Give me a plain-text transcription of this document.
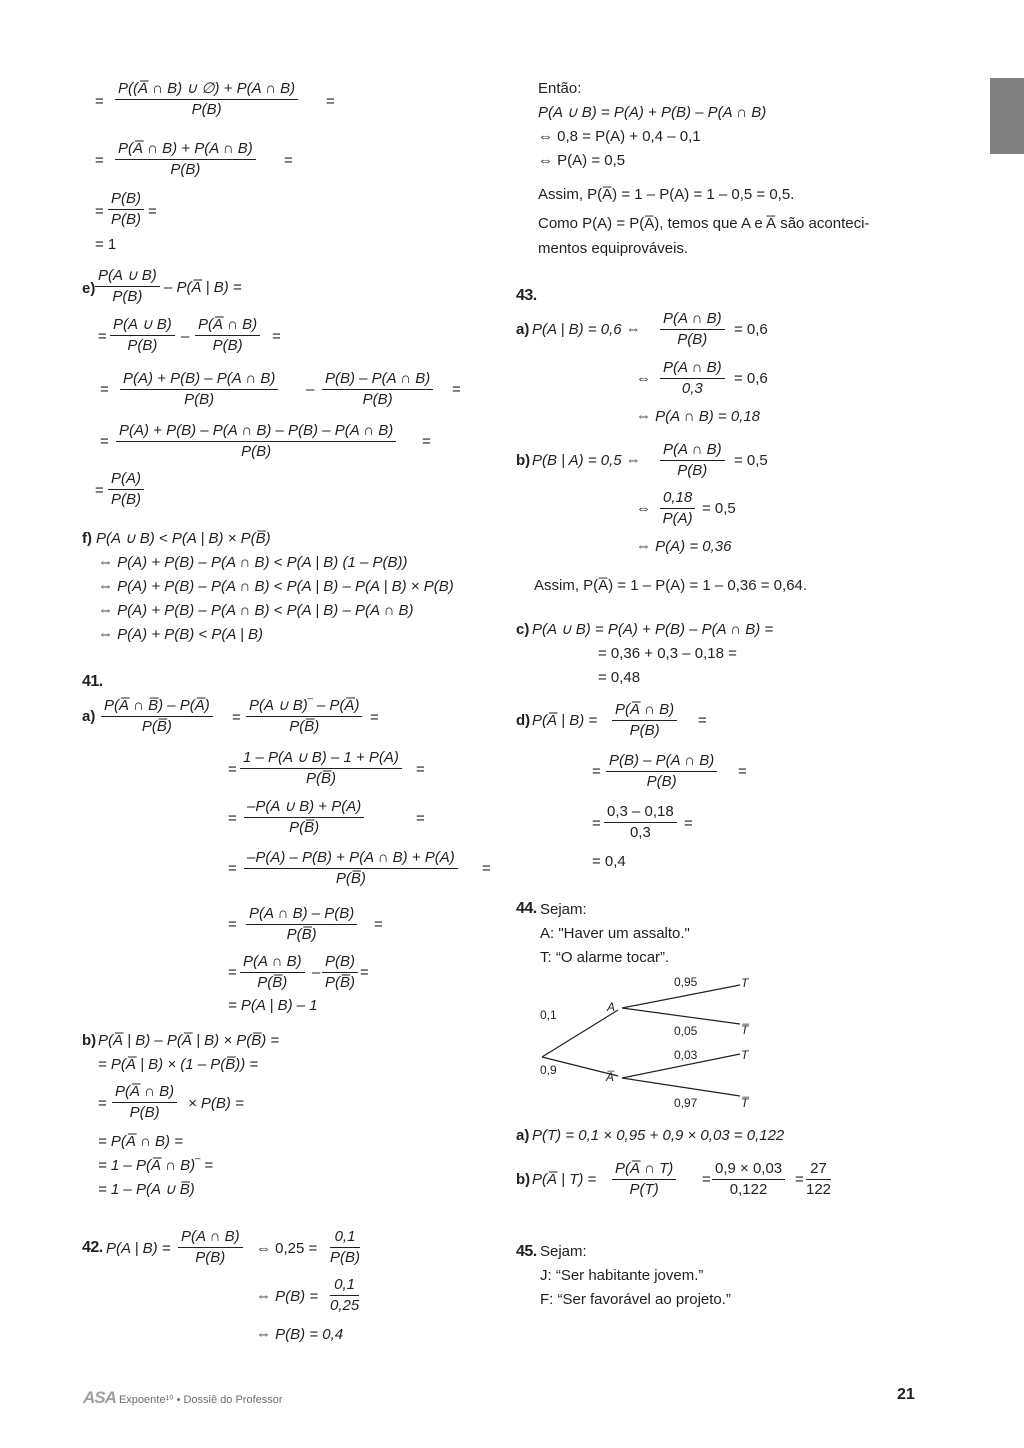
=
P((A̅ ∩ B) ∪ ∅) + P(A ∩ B)
P(B)	=
=
P(A̅ ∩ B) + P(A ∩ B)
P(B)
=
=
P(B)
P(B) =
= 1
e)
P(A ∪ B)
P(B)
– P(A̅ | B) =
=
P(A ∪ B)
P(B)
–
P(A̅ ∩ B)
P(B)
=
=
P(A) + P(B) – P(A ∩ B)
P(B)
–
P(B) – P(A ∩ B)
P(B)
=
=
P(A) + P(B) – P(A ∩ B) – P(B) – P(A ∩ B)
P(B)
=
=
P(A)
P(B)
f) P(A ∪ B) < P(A | B) × P(B̅)
⇔ P(A) + P(B) – P(A ∩ B) < P(A | B) (1 – P(B))
⇔ P(A) + P(B) – P(A ∩ B) < P(A | B) – P(A | B) × P(B)
⇔ P(A) + P(B) – P(A ∩ B) < P(A | B) – P(A ∩ B)
⇔ P(A) + P(B) < P(A | B)
41.
a)
P(A̅ ∩ B̅) – P(A̅)
P(B̅)
=
P(A ∪ B)‾ – P(A̅)
P(B̅)
=
=
1 – P(A ∪ B) – 1 + P(A)
P(B̅)
=
=
–P(A ∪ B) + P(A)
P(B̅)
=
=
–P(A) – P(B) + P(A ∩ B) + P(A)
P(B̅)
=
=
P(A ∩ B) – P(B)
P(B̅)
=
=
P(A ∩ B)
P(B̅)
–
P(B)
P(B̅)
=
= P(A | B) – 1
b) P(A̅ | B) – P(A̅ | B) × P(B̅) =
= P(A̅ | B) × (1 – P(B̅)) =
=
P(A̅ ∩ B)
P(B)
× P(B) =
= P(A̅ ∩ B) =
= 1 – P(A̅ ∩ B)‾ =
= 1 – P(A ∪ B̅)
42. P(A | B) =
P(A ∩ B)
P(B)
⇔ 0,25 =
0,1
P(B)
⇔ P(B) =
0,1
0,25
⇔ P(B) = 0,4
Então:
P(A ∪ B) = P(A) + P(B) – P(A ∩ B)
⇔ 0,8 = P(A) + 0,4 – 0,1
⇔ P(A) = 0,5
Assim, P(A̅) = 1 – P(A) = 1 – 0,5 = 0,5.
Como P(A) = P(A̅), temos que A e A̅ são aconteci-
mentos equiprováveis.
43.
a) P(A | B) = 0,6 ⇔
P(A ∩ B)
P(B)
= 0,6
⇔
P(A ∩ B)
0,3
= 0,6
⇔ P(A ∩ B) = 0,18
b) P(B | A) = 0,5 ⇔
P(A ∩ B)
P(B)
= 0,5
⇔
0,18
P(A)
= 0,5
⇔ P(A) = 0,36
Assim, P(A̅) = 1 – P(A) = 1 – 0,36 = 0,64.
c) P(A ∪ B) = P(A) + P(B) – P(A ∩ B) =
= 0,36 + 0,3 – 0,18 =
= 0,48
d) P(A̅ | B) =
P(A̅ ∩ B)
P(B)
=
=
P(B) – P(A ∩ B)
P(B)
=
=
0,3 – 0,18
0,3
=
= 0,4
44. Sejam:
A: "Haver um assalto."
T: “O alarme tocar”.
0,1
0,9
A
A̅
0,95
0,05
0,03
0,97
T
T̅
T
T̅
a) P(T) = 0,1 × 0,95 + 0,9 × 0,03 = 0,122
b) P(A̅ | T) =
P(A̅ ∩ T)
P(T)
=
0,9 × 0,03
0,122
=
27
122
45. Sejam:
J: “Ser habitante jovem.”
F: “Ser favorável ao projeto.”
ASA Expoente¹⁰ • Dossiê do Professor	21
